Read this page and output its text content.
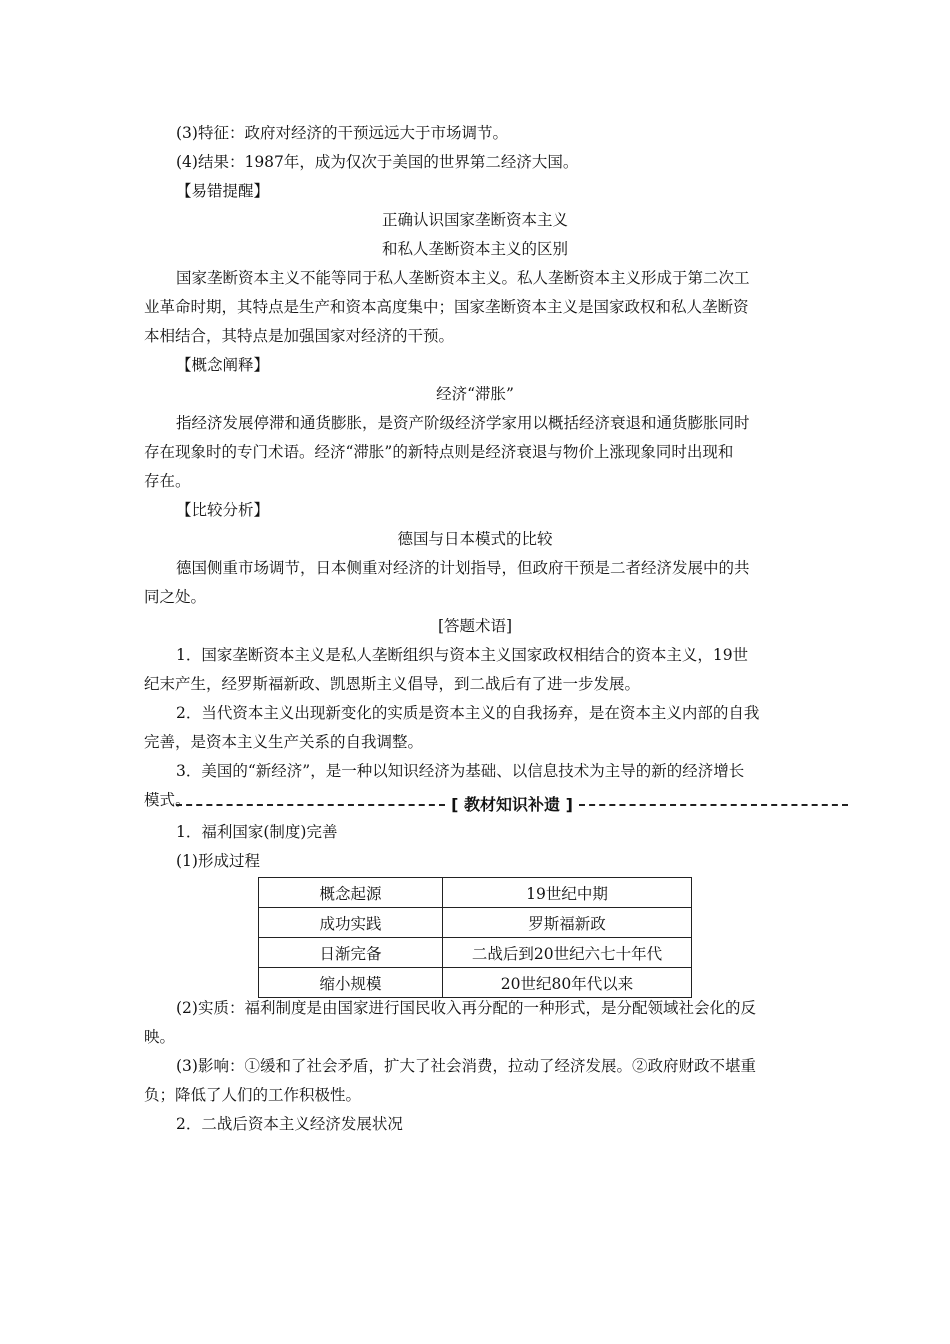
(3)特征：政府对经济的干预远远大于市场调节。
(4)结果：1987年，成为仅次于美国的世界第二经济大国。
【易错提醒】
正确认识国家垄断资本主义
和私人垄断资本主义的区别
国家垄断资本主义不能等同于私人垄断资本主义。私人垄断资本主义形成于第二次工
业革命时期，其特点是生产和资本高度集中；国家垄断资本主义是国家政权和私人垄断资
本相结合，其特点是加强国家对经济的干预。
【概念阐释】
经济“滞胀”
指经济发展停滞和通货膨胀，是资产阶级经济学家用以概括经济衰退和通货膨胀同时
存在现象时的专门术语。经济“滞胀”的新特点则是经济衰退与物价上涨现象同时出现和
存在。
【比较分析】
德国与日本模式的比较
德国侧重市场调节，日本侧重对经济的计划指导，但政府干预是二者经济发展中的共
同之处。
[答题术语]
1．国家垄断资本主义是私人垄断组织与资本主义国家政权相结合的资本主义，19世
纪末产生，经罗斯福新政、凯恩斯主义倡导，到二战后有了进一步发展。
2．当代资本主义出现新变化的实质是资本主义的自我扬弃，是在资本主义内部的自我
完善，是资本主义生产关系的自我调整。
3．美国的“新经济”，是一种以知识经济为基础、以信息技术为主导的新的经济增长
模式。	[ 教材知识补遗 ]
1．福利国家(制度)完善
(1)形成过程
概念起源	19世纪中期
成功实践	罗斯福新政
日渐完备	二战后到20世纪六七十年代
缩小规模	20世纪80年代以来
(2)实质：福利制度是由国家进行国民收入再分配的一种形式，是分配领域社会化的反
映。
(3)影响：①缓和了社会矛盾，扩大了社会消费，拉动了经济发展。②政府财政不堪重
负；降低了人们的工作积极性。
2．二战后资本主义经济发展状况
